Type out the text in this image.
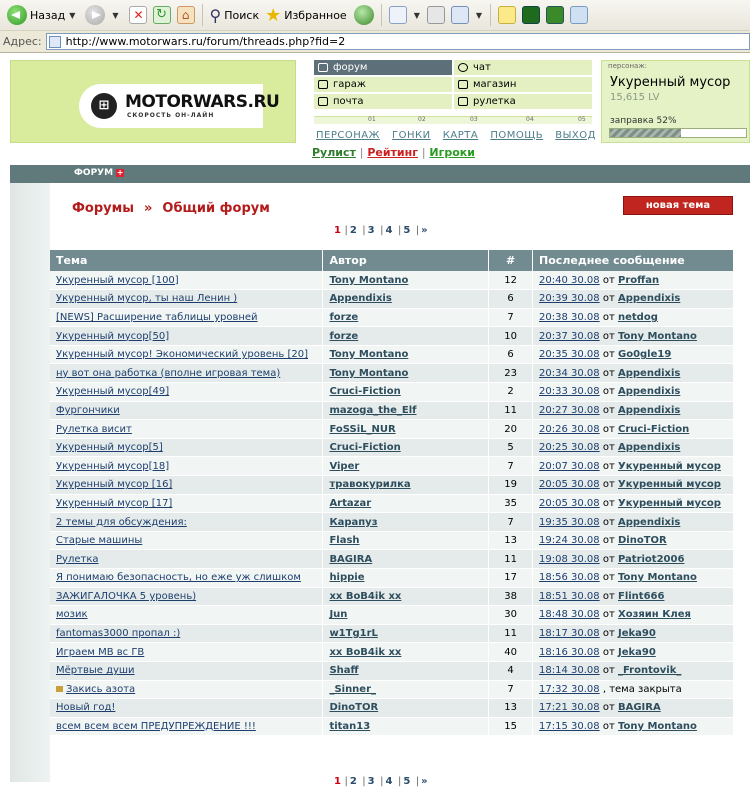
Назад ▼	▼ ✕ ↻	⌂	⚲ Поиск ★ Избранное	▼	▼
Адрес: http://www.motorwars.ru/forum/threads.php?fid=2
⊞ MOTORWARS.RU
СКОРОСТЬ ОН-ЛАЙН
форум	чат
гараж	магазин
почта	рулетка
01	02	03	04	05
ПЕРСОНАЖ ГОНКИ КАРТА ПОМОЩЬ ВЫХОД
Рулист | Рейтинг | Игроки
персонаж:
Укуренный мусор
15,615 LV
заправка 52%
ФОРУМ +
Форумы » Общий форум	новая тема
1 | 2 | 3 | 4 | 5 | »
Тема	Автор	#	Последнее сообщение
Укуренный мусор [100]	Tony Montano	12	20:40 30.08 от Proffan
Укуренный мусор, ты наш Ленин )	Appendixis	6	20:39 30.08 от Appendixis
[NEWS] Расширение таблицы уровней	forze	7	20:38 30.08 от netdog
Укуренный мусор[50]	forze	10	20:37 30.08 от Tony Montano
Укуренный мусор! Экономический уровень [20]	Tony Montano	6	20:35 30.08 от Go0gle19
ну вот она работка (вполне игровая тема)	Tony Montano	23	20:34 30.08 от Appendixis
Укуренный мусор[49]	Cruci-Fiction	2	20:33 30.08 от Appendixis
Фургончики	mazoga_the_Elf	11	20:27 30.08 от Appendixis
Рулетка висит	FoSSiL_NUR	20	20:26 30.08 от Cruci-Fiction
Укуренный мусор[5]	Cruci-Fiction	5	20:25 30.08 от Appendixis
Укуренный мусор[18]	Viper	7	20:07 30.08 от Укуренный мусор
Укуренный мусор [16]	травокурилка	19	20:05 30.08 от Укуренный мусор
Укуренный мусор [17]	Artazar	35	20:05 30.08 от Укуренный мусор
2 темы для обсуждения:	Карапуз	7	19:35 30.08 от Appendixis
Старые машины	Flash	13	19:24 30.08 от DinoTOR
Рулетка	BAGIRA	11	19:08 30.08 от Patriot2006
Я понимаю безопасность, но еже уж слишком	hippie	17	18:56 30.08 от Tony Montano
ЗАЖИГАЛОЧКА 5 уровень)	xx BoB4ik xx	38	18:51 30.08 от Flint666
мозик	Jun	30	18:48 30.08 от Хозяин Клея
fantomas3000 пропал :)	w1Tg1rL	11	18:17 30.08 от Jeka90
Играем МВ вс ГВ	xx BoB4ik xx	40	18:16 30.08 от Jeka90
Мёртвые души	Shaff	4	18:14 30.08 от _Frontovik_
Закись азота	_Sinner_	7	17:32 30.08 , тема закрыта
Новый год!	DinoTOR	13	17:21 30.08 от BAGIRA
всем всем всем ПРЕДУПРЕЖДЕНИЕ !!!	titan13	15	17:15 30.08 от Tony Montano
1 | 2 | 3 | 4 | 5 | »
